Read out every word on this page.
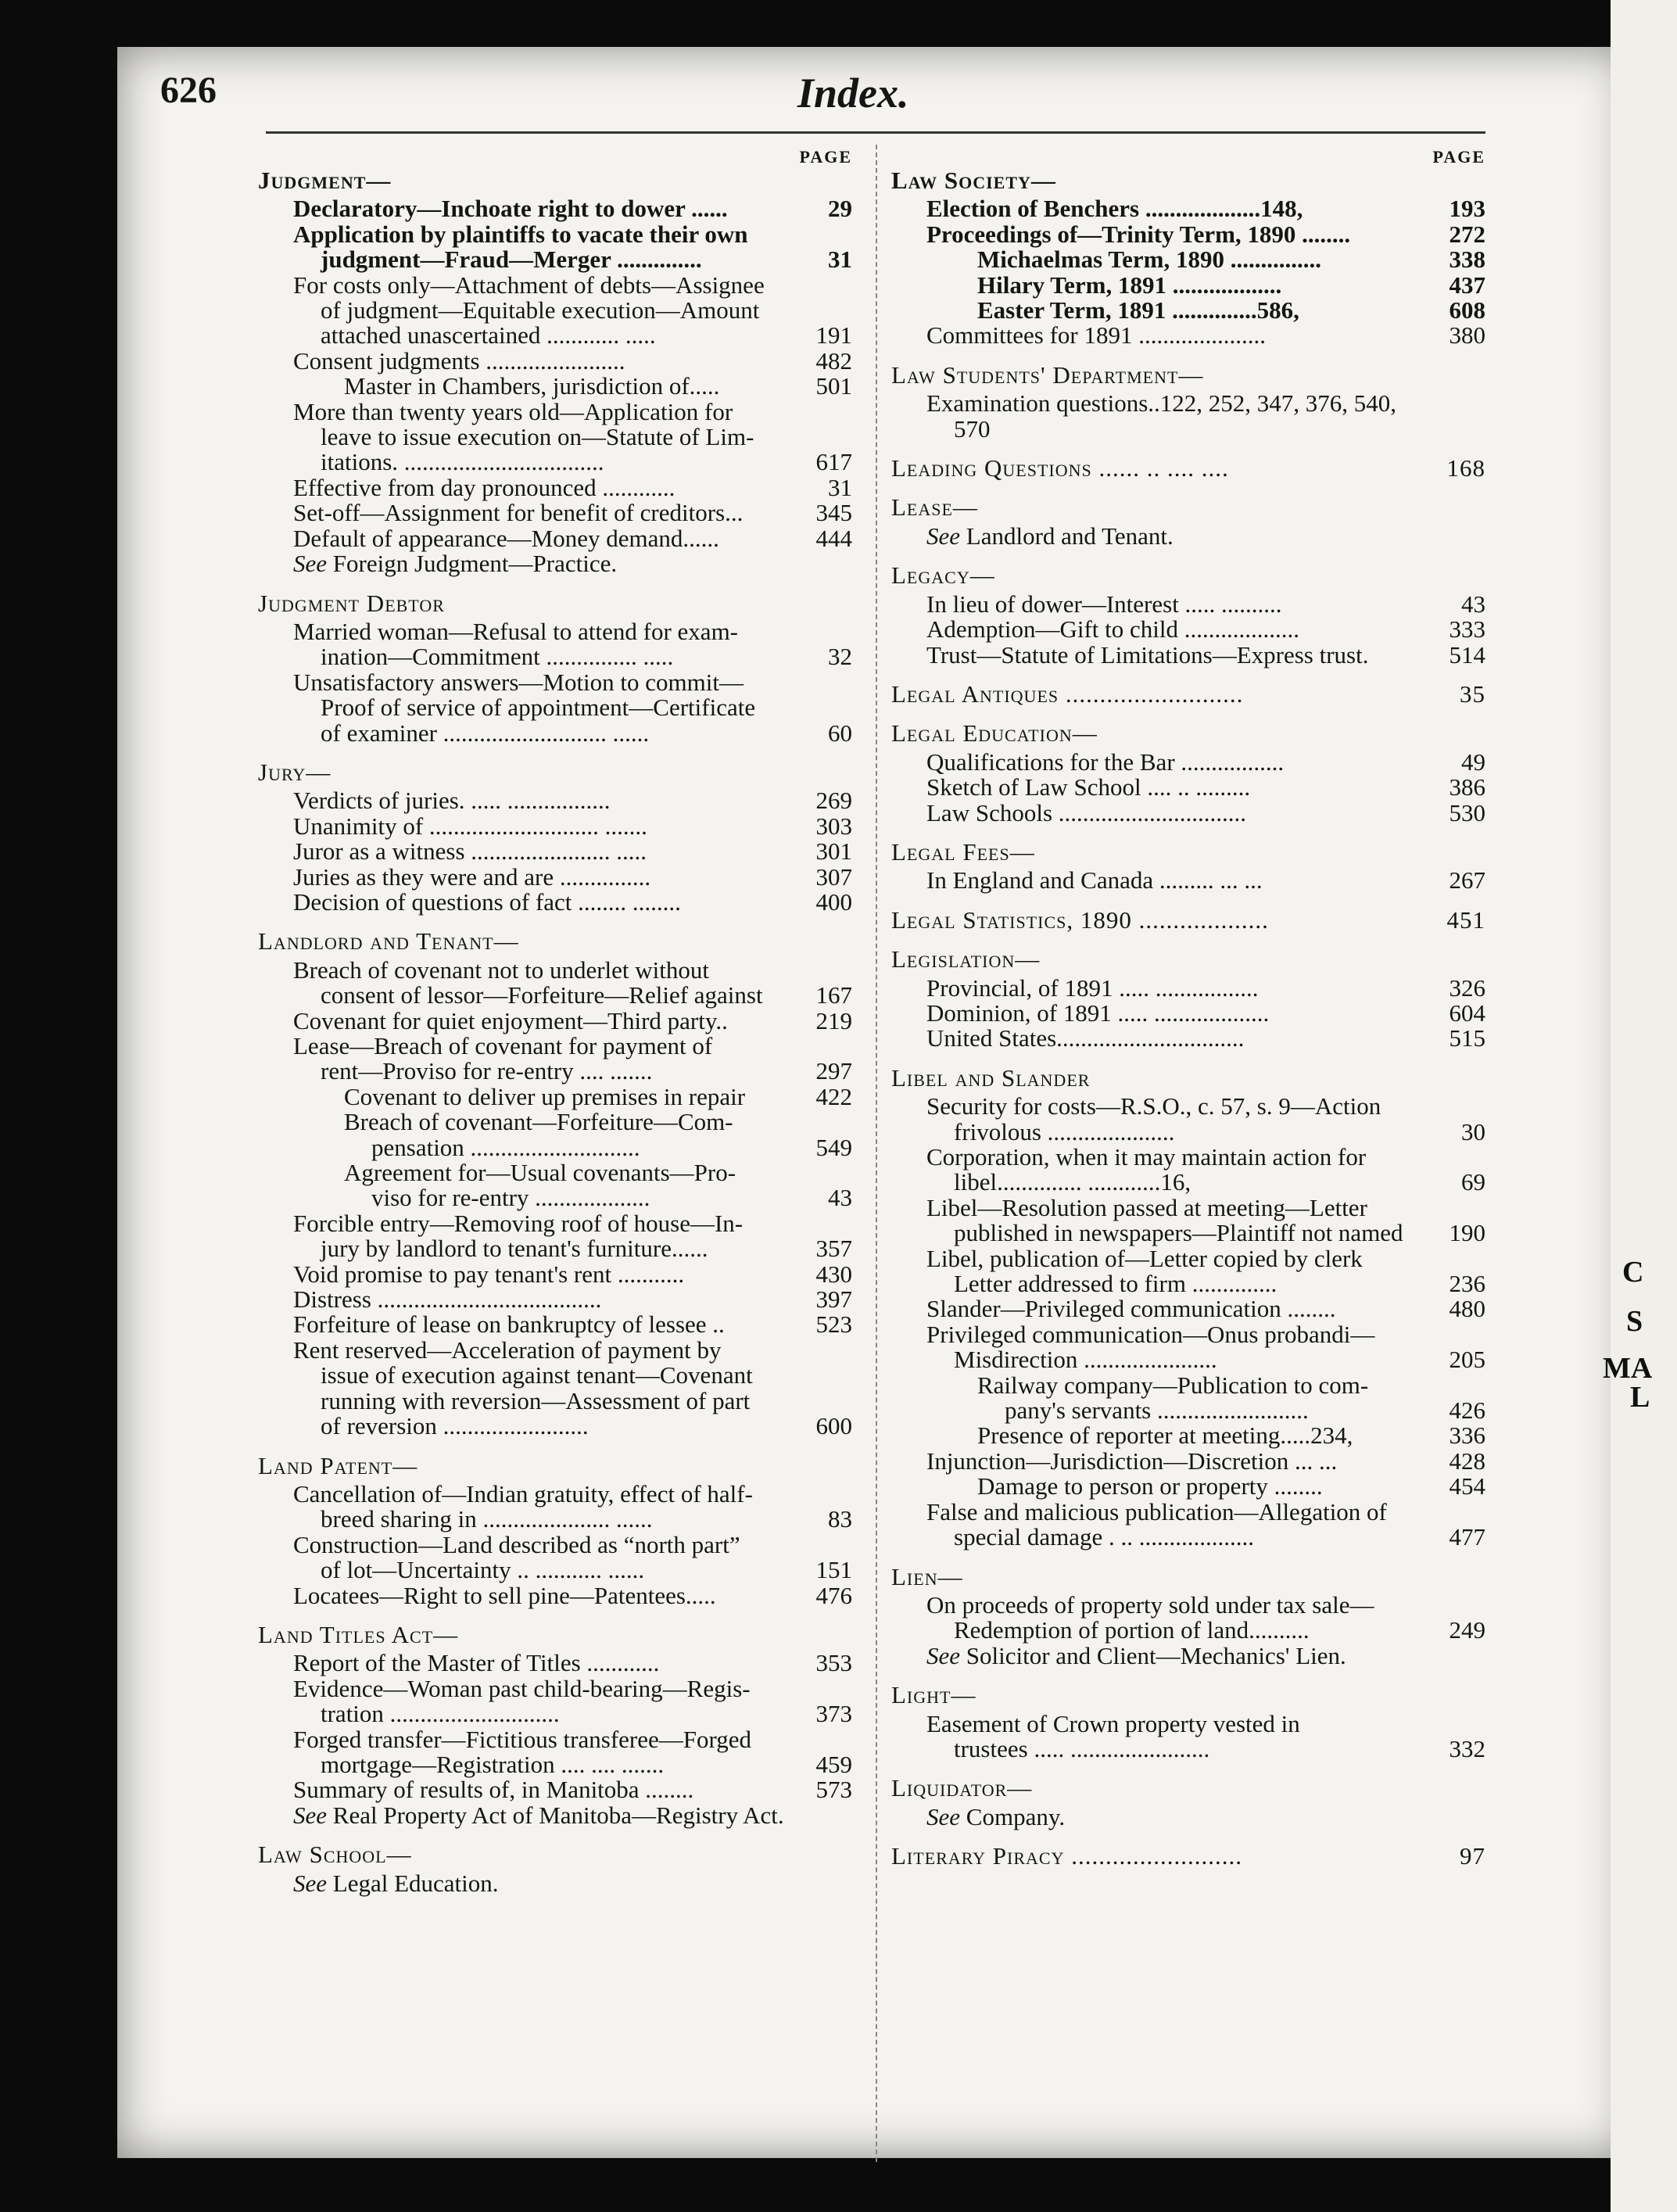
626	Index.
PAGE
Judgment—
Declaratory—Inchoate right to dower ......	29
Application by plaintiffs to vacate their own

judgment—Fraud—Merger ..............	31
For costs only—Attachment of debts—Assignee

of judgment—Equitable execution—Amount
attached unascertained ............ .....	191
Consent judgments .......................	482
Master in Chambers, jurisdiction of.....	501
More than twenty years old—Application for

leave to issue execution on—Statute of Lim-
itations. .................................	617
Effective from day pronounced ............	31
Set-off—Assignment for benefit of creditors...	345
Default of appearance—Money demand......	444
See Foreign Judgment—Practice.
Judgment Debtor
Married woman—Refusal to attend for exam-

ination—Commitment ............... .....	32
Unsatisfactory answers—Motion to commit—

Proof of service of appointment—Certificate
of examiner ........................... ......	60
Jury—
Verdicts of juries. ..... .................	269
Unanimity of ............................ .......	303
Juror as a witness ....................... .....	301
Juries as they were and are ...............	307
Decision of questions of fact ........ ........	400
Landlord and Tenant—
Breach of covenant not to underlet without

consent of lessor—Forfeiture—Relief against	167
Covenant for quiet enjoyment—Third party..	219
Lease—Breach of covenant for payment of

rent—Proviso for re-entry .... .......	297
Covenant to deliver up premises in repair	422
Breach of covenant—Forfeiture—Com-

pensation ............................	549
Agreement for—Usual covenants—Pro-

viso for re-entry ...................	43
Forcible entry—Removing roof of house—In-

jury by landlord to tenant's furniture......	357
Void promise to pay tenant's rent ...........	430
Distress .....................................	397
Forfeiture of lease on bankruptcy of lessee ..	523
Rent reserved—Acceleration of payment by

issue of execution against tenant—Covenant
running with reversion—Assessment of part
of reversion ........................	600
Land Patent—
Cancellation of—Indian gratuity, effect of half-

breed sharing in ..................... ......	83
Construction—Land described as “north part”

of lot—Uncertainty .. ........... ......	151
Locatees—Right to sell pine—Patentees.....	476
Land Titles Act—
Report of the Master of Titles ............	353
Evidence—Woman past child-bearing—Regis-

tration ............................	373
Forged transfer—Fictitious transferee—Forged

mortgage—Registration .... .... .......	459
Summary of results of, in Manitoba ........	573
See Real Property Act of Manitoba—Registry Act.
Law School—
See Legal Education.
PAGE
Law Society—
Election of Benchers ...................148,	193
Proceedings of—Trinity Term, 1890 ........	272
Michaelmas Term, 1890 ...............	338
Hilary Term, 1891 ..................	437
Easter Term, 1891 ..............586,	608
Committees for 1891 .....................	380
Law Students' Department—
Examination questions..122, 252, 347, 376, 540,

570
Leading Questions ...... .. .... ....	168
Lease—
See Landlord and Tenant.
Legacy—
In lieu of dower—Interest ..... ..........	43
Ademption—Gift to child ...................	333
Trust—Statute of Limitations—Express trust.	514
Legal Antiques ..........................	35
Legal Education—
Qualifications for the Bar .................	49
Sketch of Law School .... .. .........	386
Law Schools ...............................	530
Legal Fees—
In England and Canada ......... ... ...	267
Legal Statistics, 1890 ...................	451
Legislation—
Provincial, of 1891 ..... .................	326
Dominion, of 1891 ..... ...................	604
United States...............................	515
Libel and Slander
Security for costs—R.S.O., c. 57, s. 9—Action

frivolous .....................	30
Corporation, when it may maintain action for

libel.............. ............16,	69
Libel—Resolution passed at meeting—Letter

published in newspapers—Plaintiff not named	190
Libel, publication of—Letter copied by clerk

Letter addressed to firm ..............	236
Slander—Privileged communication ........	480
Privileged communication—Onus probandi—

Misdirection ......................	205
Railway company—Publication to com-

pany's servants .........................	426
Presence of reporter at meeting.....234,	336
Injunction—Jurisdiction—Discretion ... ...	428
Damage to person or property ........	454
False and malicious publication—Allegation of

special damage . .. ...................	477
Lien—
On proceeds of property sold under tax sale—

Redemption of portion of land..........	249
See Solicitor and Client—Mechanics' Lien.
Light—
Easement of Crown property vested in

trustees ..... .......................	332
Liquidator—
See Company.
Literary Piracy .........................	97
C
S
MA
L
